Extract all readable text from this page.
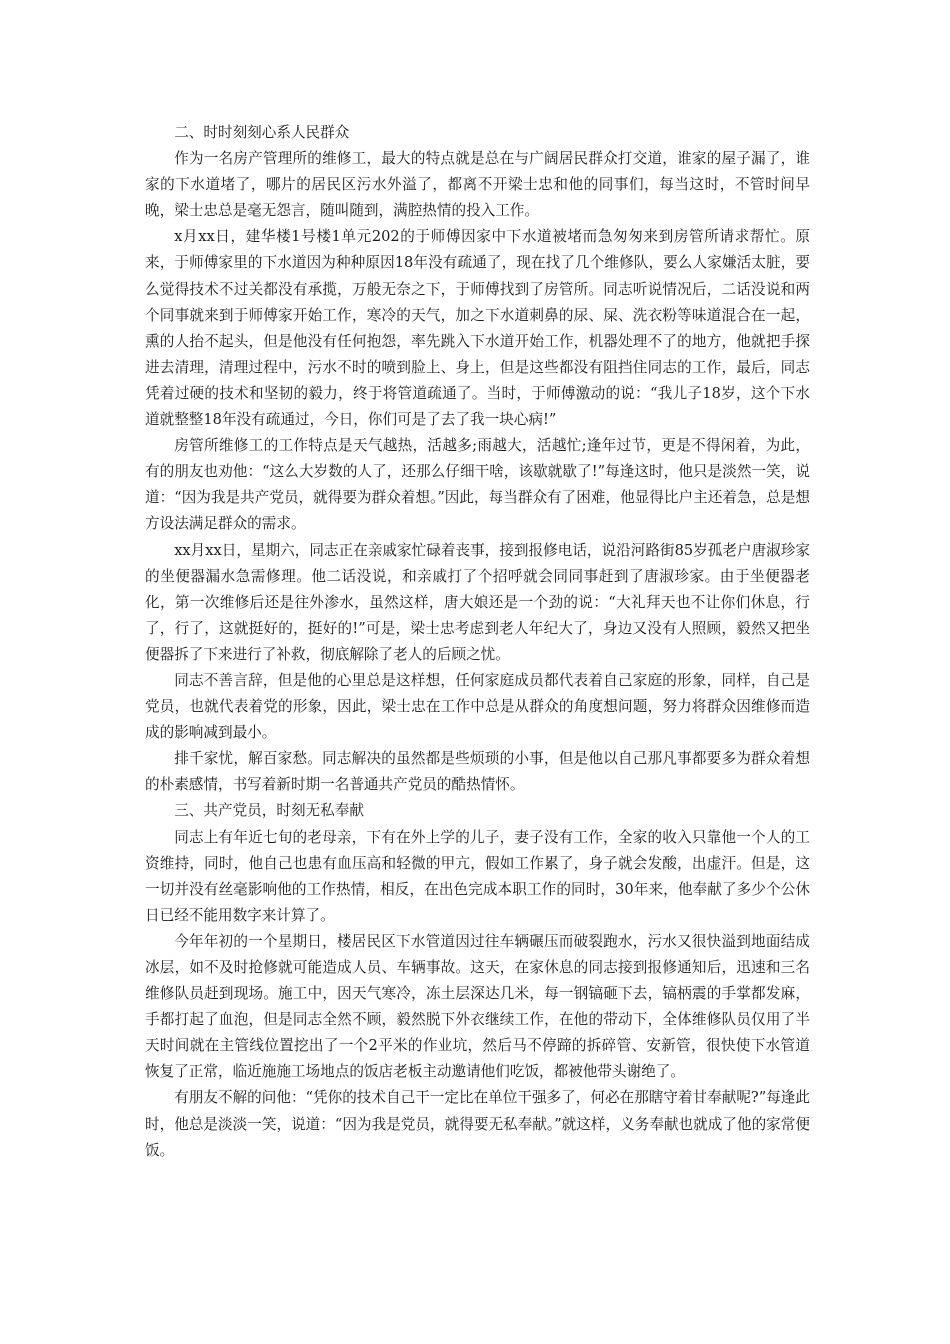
二、时时刻刻心系人民群众

作为一名房产管理所的维修工，最大的特点就是总在与广阔居民群众打交道，谁家的屋子漏了，谁家的下水道堵了，哪片的居民区污水外溢了，都离不开梁士忠和他的同事们，每当这时，不管时间早晚，梁士忠总是毫无怨言，随叫随到，满腔热情的投入工作。

x月xx日，建华楼1号楼1单元202的于师傅因家中下水道被堵而急匆匆来到房管所请求帮忙。原来，于师傅家里的下水道因为种种原因18年没有疏通了，现在找了几个维修队，要么人家嫌活太脏，要么觉得技术不过关都没有承揽，万般无奈之下，于师傅找到了房管所。同志听说情况后，二话没说和两个同事就来到于师傅家开始工作，寒冷的天气，加之下水道刺鼻的尿、屎、洗衣粉等味道混合在一起，熏的人抬不起头，但是他没有任何抱怨，率先跳入下水道开始工作，机器处理不了的地方，他就把手探进去清理，清理过程中，污水不时的喷到脸上、身上，但是这些都没有阻挡住同志的工作，最后，同志凭着过硬的技术和坚韧的毅力，终于将管道疏通了。当时，于师傅激动的说：“我儿子18岁，这个下水道就整整18年没有疏通过，今日，你们可是了去了我一块心病!”

房管所维修工的工作特点是天气越热，活越多;雨越大，活越忙;逢年过节，更是不得闲着，为此，有的朋友也劝他：“这么大岁数的人了，还那么仔细干啥，该歇就歇了!”每逢这时，他只是淡然一笑，说道：“因为我是共产党员，就得要为群众着想。”因此，每当群众有了困难，他显得比户主还着急，总是想方设法满足群众的需求。

xx月xx日，星期六，同志正在亲戚家忙碌着丧事，接到报修电话，说沿河路街85岁孤老户唐淑珍家的坐便器漏水急需修理。他二话没说，和亲戚打了个招呼就会同同事赶到了唐淑珍家。由于坐便器老化，第一次维修后还是往外渗水，虽然这样，唐大娘还是一个劲的说：“大礼拜天也不让你们休息，行了，行了，这就挺好的，挺好的!”可是，梁士忠考虑到老人年纪大了，身边又没有人照顾，毅然又把坐便器拆了下来进行了补救，彻底解除了老人的后顾之忧。

同志不善言辞，但是他的心里总是这样想，任何家庭成员都代表着自己家庭的形象，同样，自己是党员，也就代表着党的形象，因此，梁士忠在工作中总是从群众的角度想问题，努力将群众因维修而造成的影响减到最小。

排千家忧，解百家愁。同志解决的虽然都是些烦琐的小事，但是他以自己那凡事都要多为群众着想的朴素感情，书写着新时期一名普通共产党员的酷热情怀。

三、共产党员，时刻无私奉献

同志上有年近七旬的老母亲，下有在外上学的儿子，妻子没有工作，全家的收入只靠他一个人的工资维持，同时，他自己也患有血压高和轻微的甲亢，假如工作累了，身子就会发酸，出虚汗。但是，这一切并没有丝毫影响他的工作热情，相反，在出色完成本职工作的同时，30年来，他奉献了多少个公休日已经不能用数字来计算了。

今年年初的一个星期日，楼居民区下水管道因过往车辆碾压而破裂跑水，污水又很快溢到地面结成冰层，如不及时抢修就可能造成人员、车辆事故。这天，在家休息的同志接到报修通知后，迅速和三名维修队员赶到现场。施工中，因天气寒冷，冻土层深达几米，每一钢镐砸下去，镐柄震的手掌都发麻，手都打起了血泡，但是同志全然不顾，毅然脱下外衣继续工作，在他的带动下，全体维修队员仅用了半天时间就在主管线位置挖出了一个2平米的作业坑，然后马不停蹄的拆碎管、安新管，很快使下水管道恢复了正常，临近施施工场地点的饭店老板主动邀请他们吃饭，都被他带头谢绝了。

有朋友不解的问他：“凭你的技术自己干一定比在单位干强多了，何必在那瞎守着甘奉献呢?”每逢此时，他总是淡淡一笑，说道：“因为我是党员，就得要无私奉献。”就这样，义务奉献也就成了他的家常便饭。
